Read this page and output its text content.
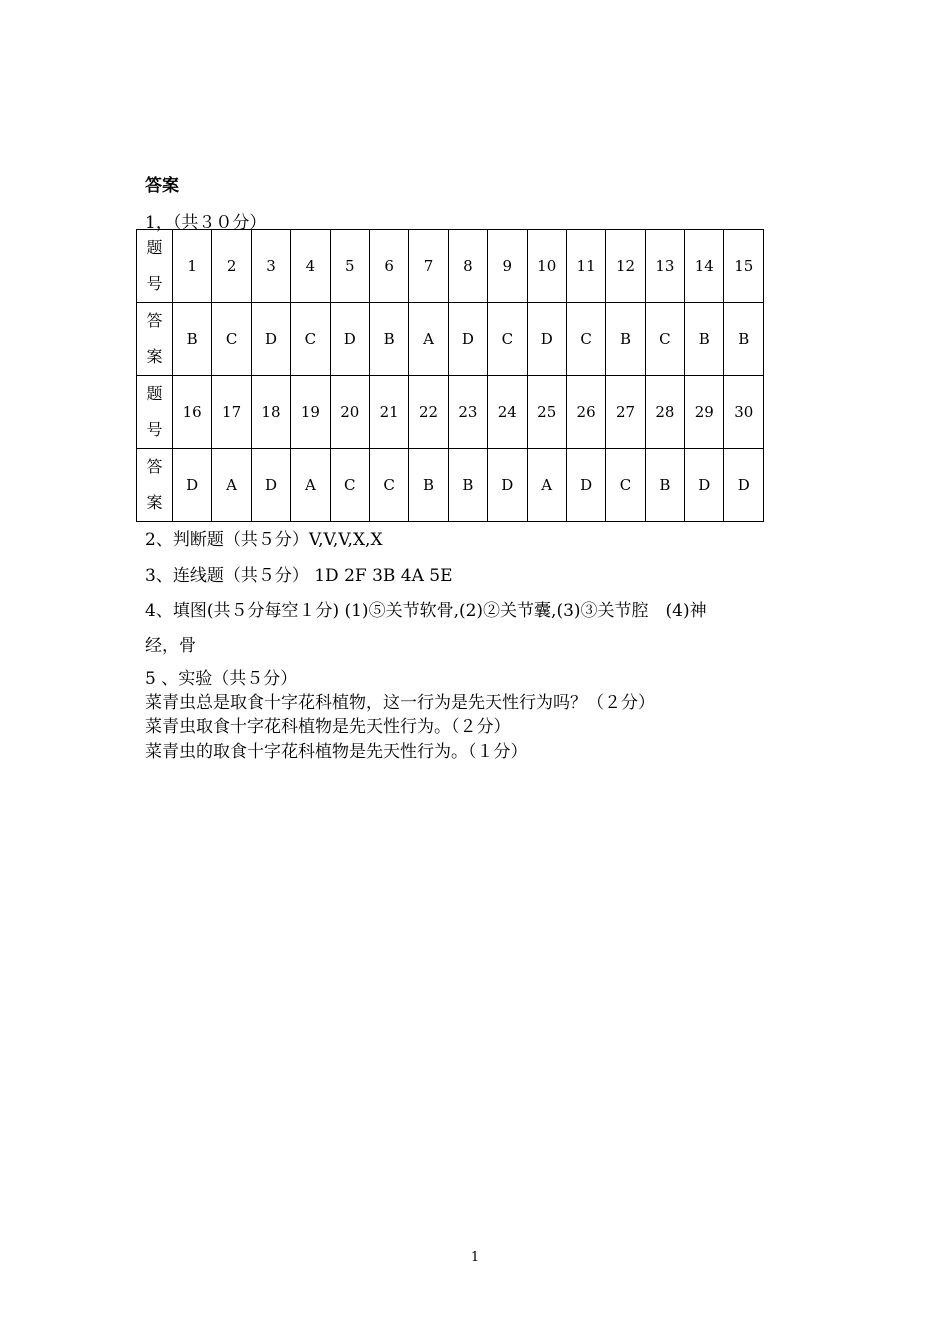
答案
1，（共３０分）
题
号	1	2	3	4	5	6	7	8	9	10	11	12	13	14	15
答
案	B	C	D	C	D	B	A	D	C	D	C	B	C	B	B
题
号	16	17	18	19	20	21	22	23	24	25	26	27	28	29	30
答
案	D	A	D	A	C	C	B	B	D	A	D	C	B	D	D
2、判断题（共５分）V,V,V,X,X
3、连线题（共５分） 1D 2F 3B 4A 5E
4、填图(共５分每空１分) (1)⑤关节软骨,(2)②关节囊,(3)③关节腔　(4)神
经，骨
5 、实验（共５分）
菜青虫总是取食十字花科植物，这一行为是先天性行为吗？（２分）
菜青虫取食十字花科植物是先天性行为。（２分）
菜青虫的取食十字花科植物是先天性行为。（１分）
1
